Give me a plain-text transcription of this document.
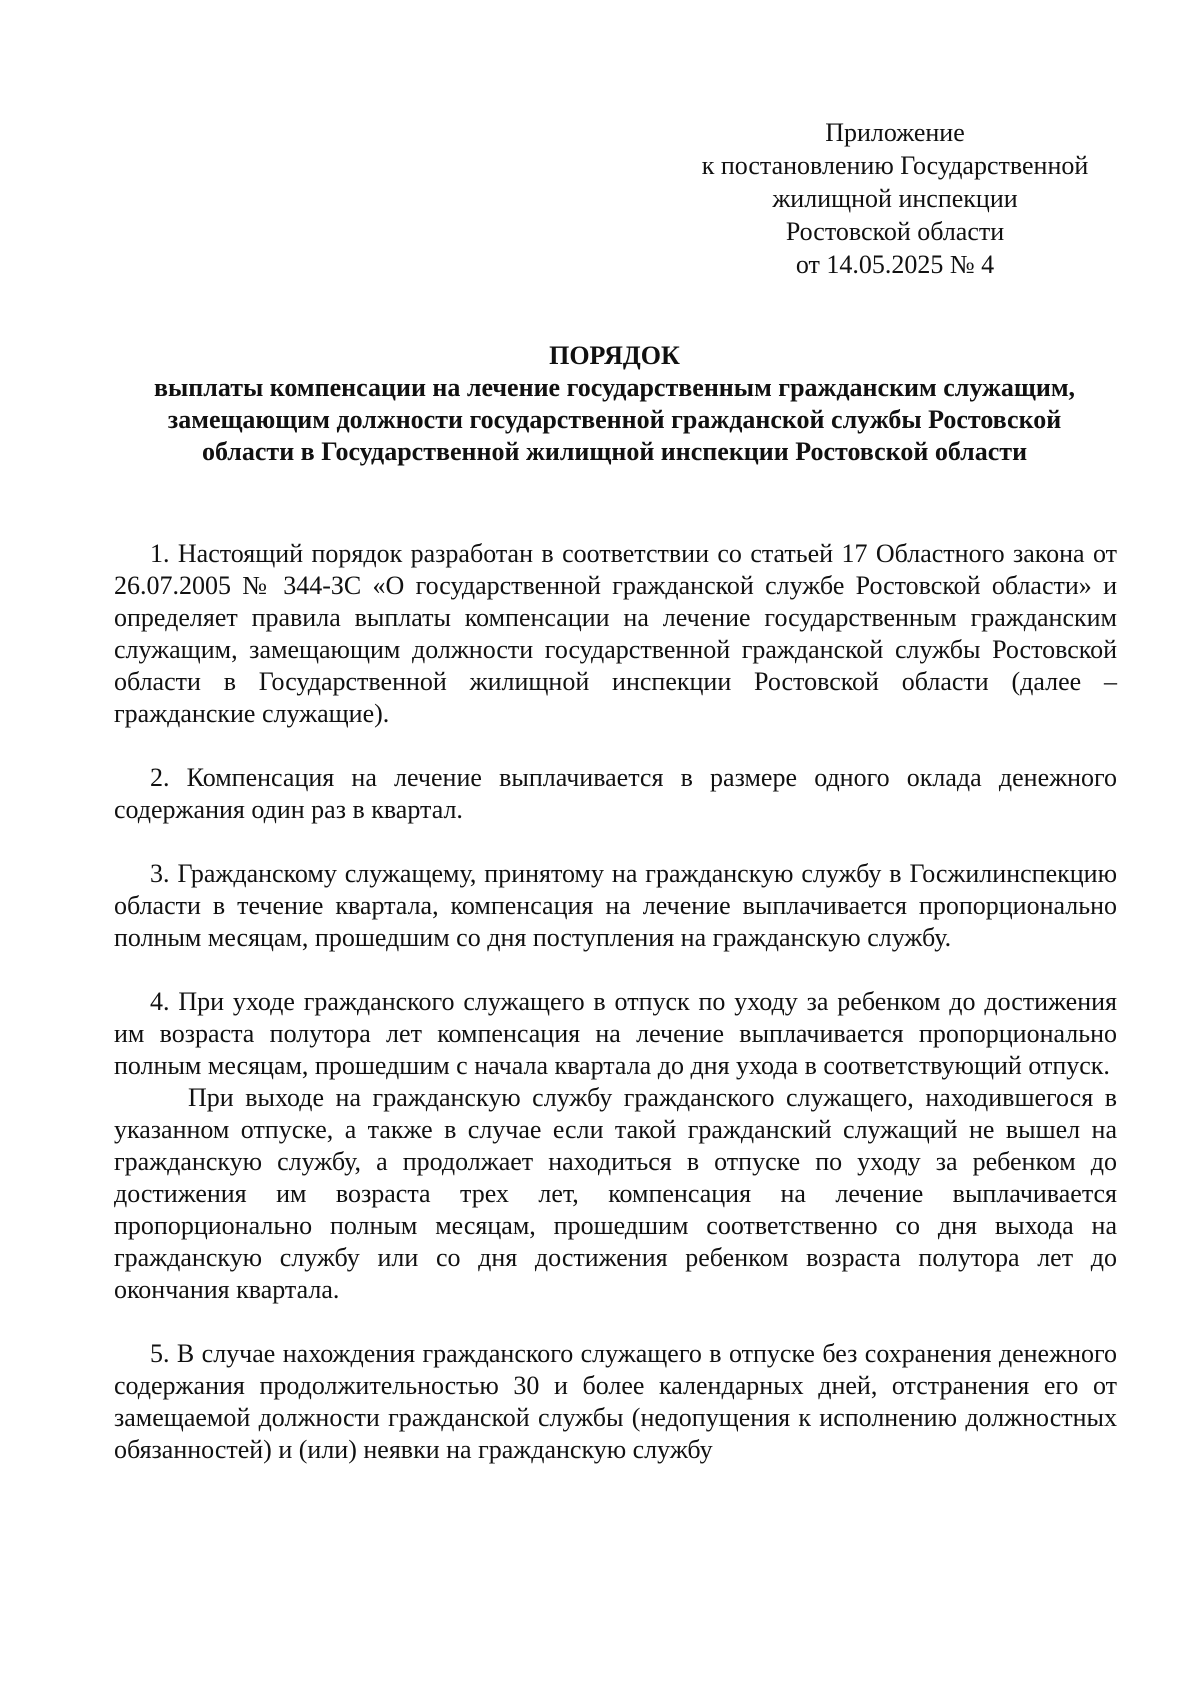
Приложение
к постановлению Государственной
жилищной инспекции
Ростовской области
от 14.05.2025 № 4
ПОРЯДОК
выплаты компенсации на лечение государственным гражданским служащим,
замещающим должности государственной гражданской службы Ростовской
области в Государственной жилищной инспекции Ростовской области

1. Настоящий порядок разработан в соответствии со статьей 17 Областного закона от 26.07.2005 № 344-ЗС «О государственной гражданской службе Ростовской области» и определяет правила выплаты компенсации на лечение государственным гражданским служащим, замещающим должности государственной гражданской службы Ростовской области в Государственной жилищной инспекции Ростовской области (далее – гражданские служащие).

2. Компенсация на лечение выплачивается в размере одного оклада денежного содержания один раз в квартал.

3. Гражданскому служащему, принятому на гражданскую службу в Госжилинспекцию области в течение квартала, компенсация на лечение выплачивается пропорционально полным месяцам, прошедшим со дня поступления на гражданскую службу.

4. При уходе гражданского служащего в отпуск по уходу за ребенком до достижения им возраста полутора лет компенсация на лечение выплачивается пропорционально полным месяцам, прошедшим с начала квартала до дня ухода в соответствующий отпуск.

При выходе на гражданскую службу гражданского служащего, находившегося в указанном отпуске, а также в случае если такой гражданский служащий не вышел на гражданскую службу, а продолжает находиться в отпуске по уходу за ребенком до достижения им возраста трех лет, компенсация на лечение выплачивается пропорционально полным месяцам, прошедшим соответственно со дня выхода на гражданскую службу или со дня достижения ребенком возраста полутора лет до окончания квартала.

5. В случае нахождения гражданского служащего в отпуске без сохранения денежного содержания продолжительностью 30 и более календарных дней, отстранения его от замещаемой должности гражданской службы (недопущения к исполнению должностных обязанностей) и (или) неявки на гражданскую службу
